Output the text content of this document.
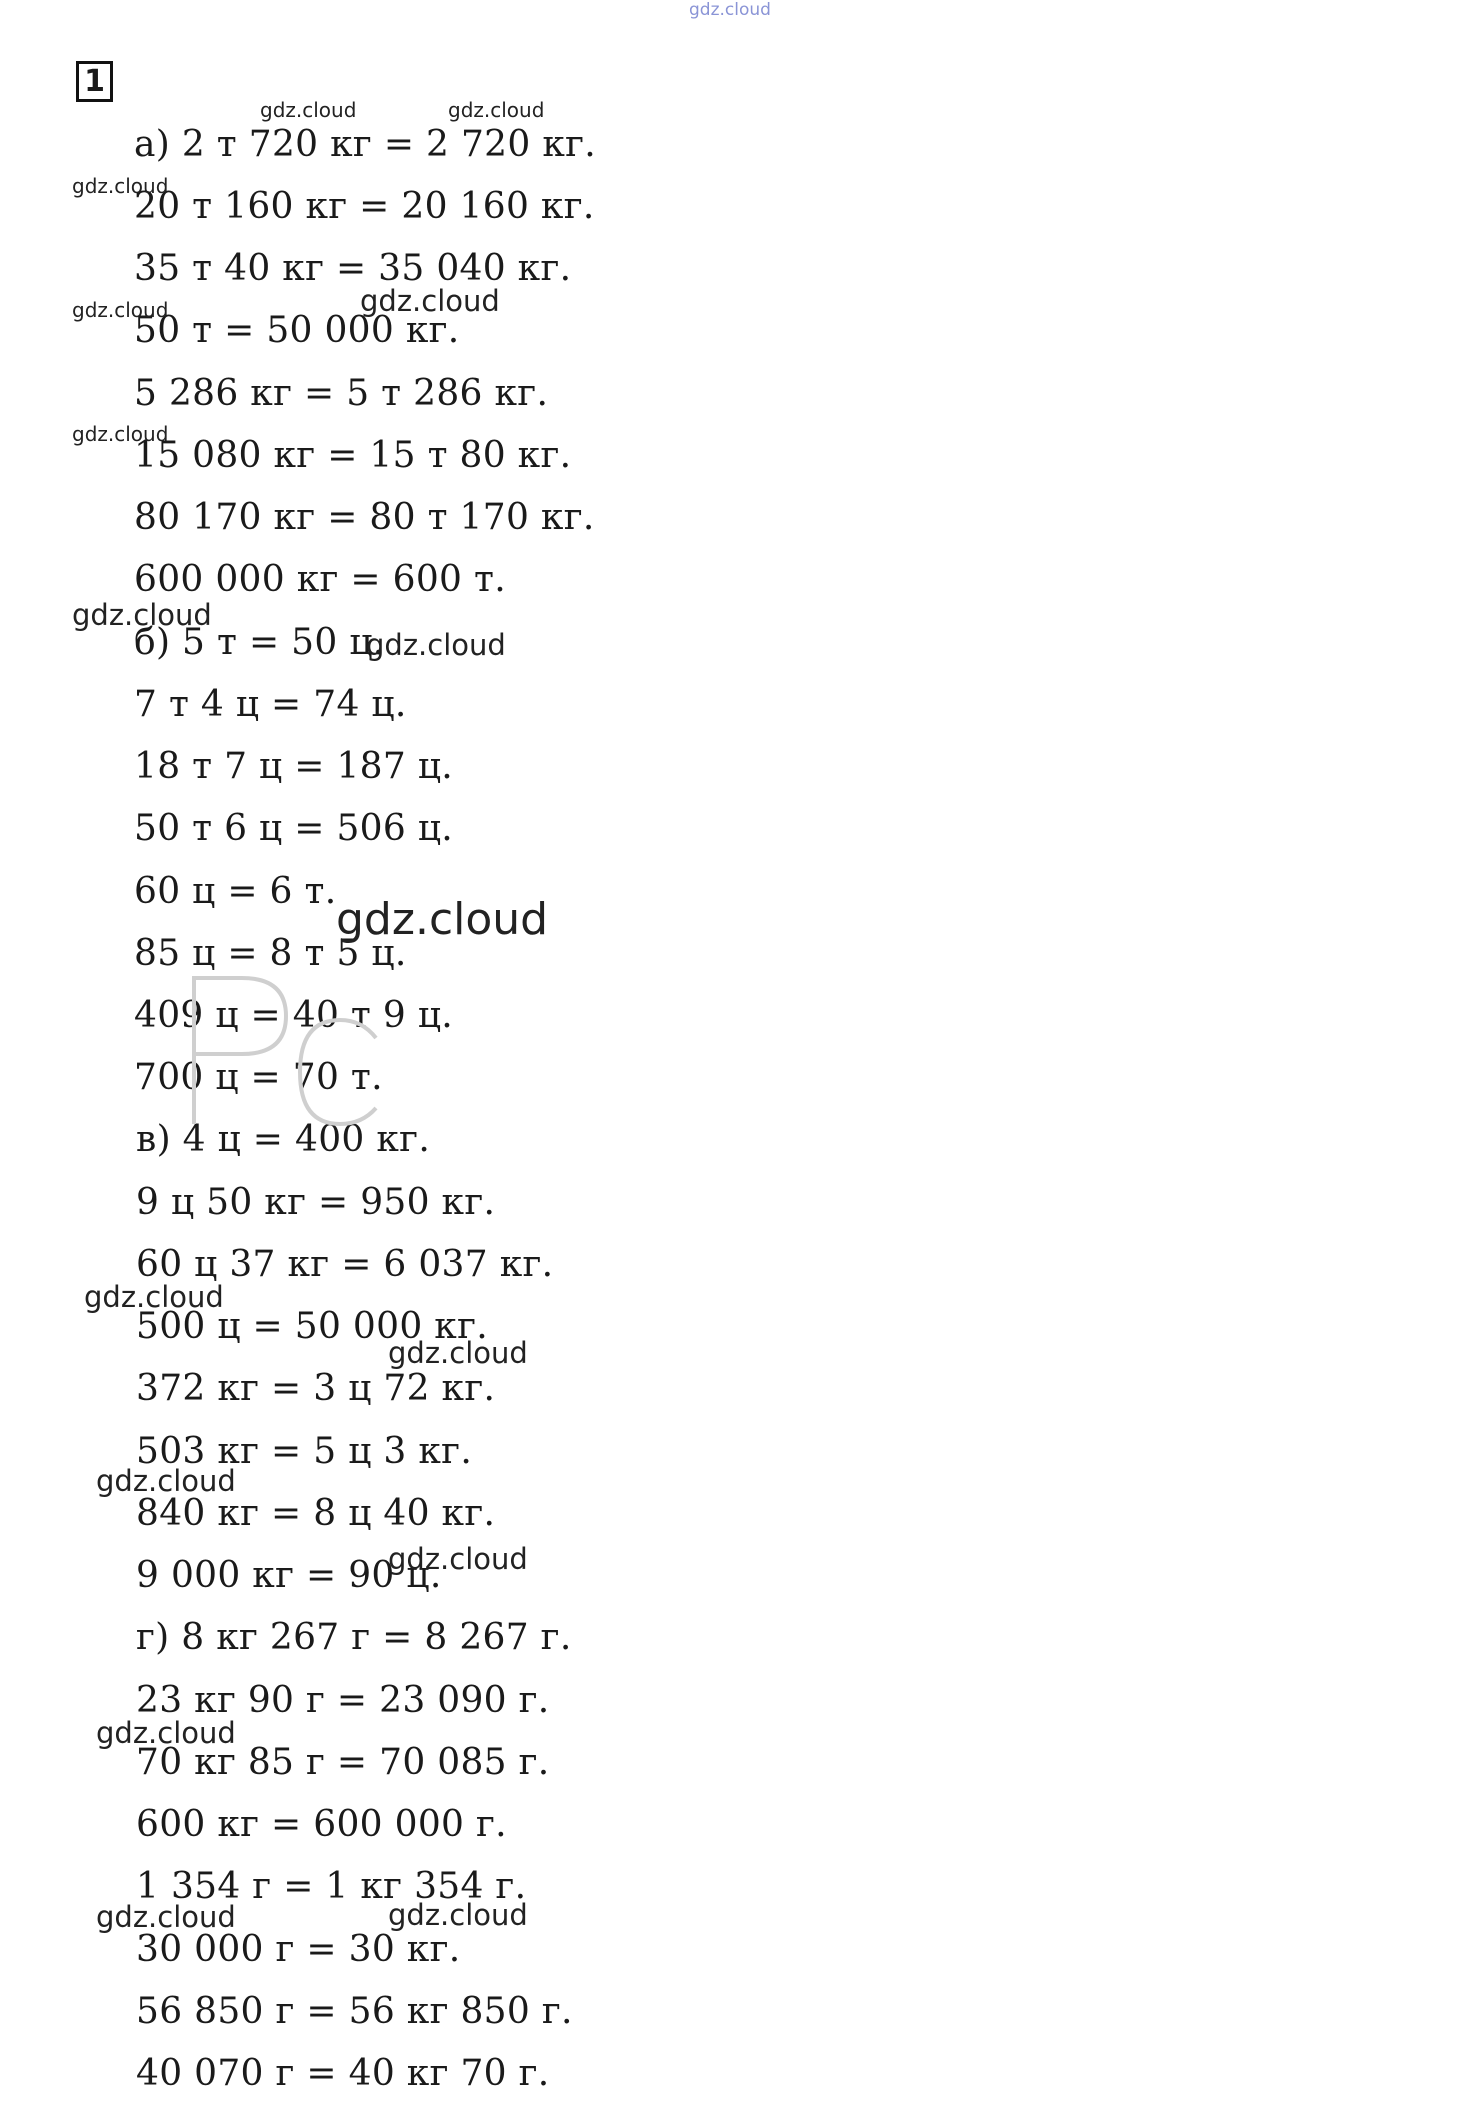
gdz.cloud
1
а) 2 т 720 кг = 2 720 кг.
20 т 160 кг = 20 160 кг.
35 т 40 кг = 35 040 кг.
50 т = 50 000 кг.
5 286 кг = 5 т 286 кг.
15 080 кг = 15 т 80 кг.
80 170 кг = 80 т 170 кг.
600 000 кг = 600 т.
б) 5 т = 50 ц.
7 т 4 ц = 74 ц.
18 т 7 ц = 187 ц.
50 т 6 ц = 506 ц.
60 ц = 6 т.
85 ц = 8 т 5 ц.
409 ц = 40 т 9 ц.
700 ц = 70 т.
в) 4 ц = 400 кг.
9 ц 50 кг = 950 кг.
60 ц 37 кг = 6 037 кг.
500 ц = 50 000 кг.
372 кг = 3 ц 72 кг.
503 кг = 5 ц 3 кг.
840 кг = 8 ц 40 кг.
9 000 кг = 90 ц.
г) 8 кг 267 г = 8 267 г.
23 кг 90 г = 23 090 г.
70 кг 85 г = 70 085 г.
600 кг = 600 000 г.
1 354 г = 1 кг 354 г.
30 000 г = 30 кг.
56 850 г = 56 кг 850 г.
40 070 г = 40 кг 70 г.
gdz.cloud	gdz.cloud
gdz.cloud
gdz.cloud	gdz.cloud
gdz.cloud
gdz.cloud
gdz.cloud
gdz.cloud
gdz.cloud
gdz.cloud
gdz.cloud
gdz.cloud
gdz.cloud
gdz.cloud	gdz.cloud
